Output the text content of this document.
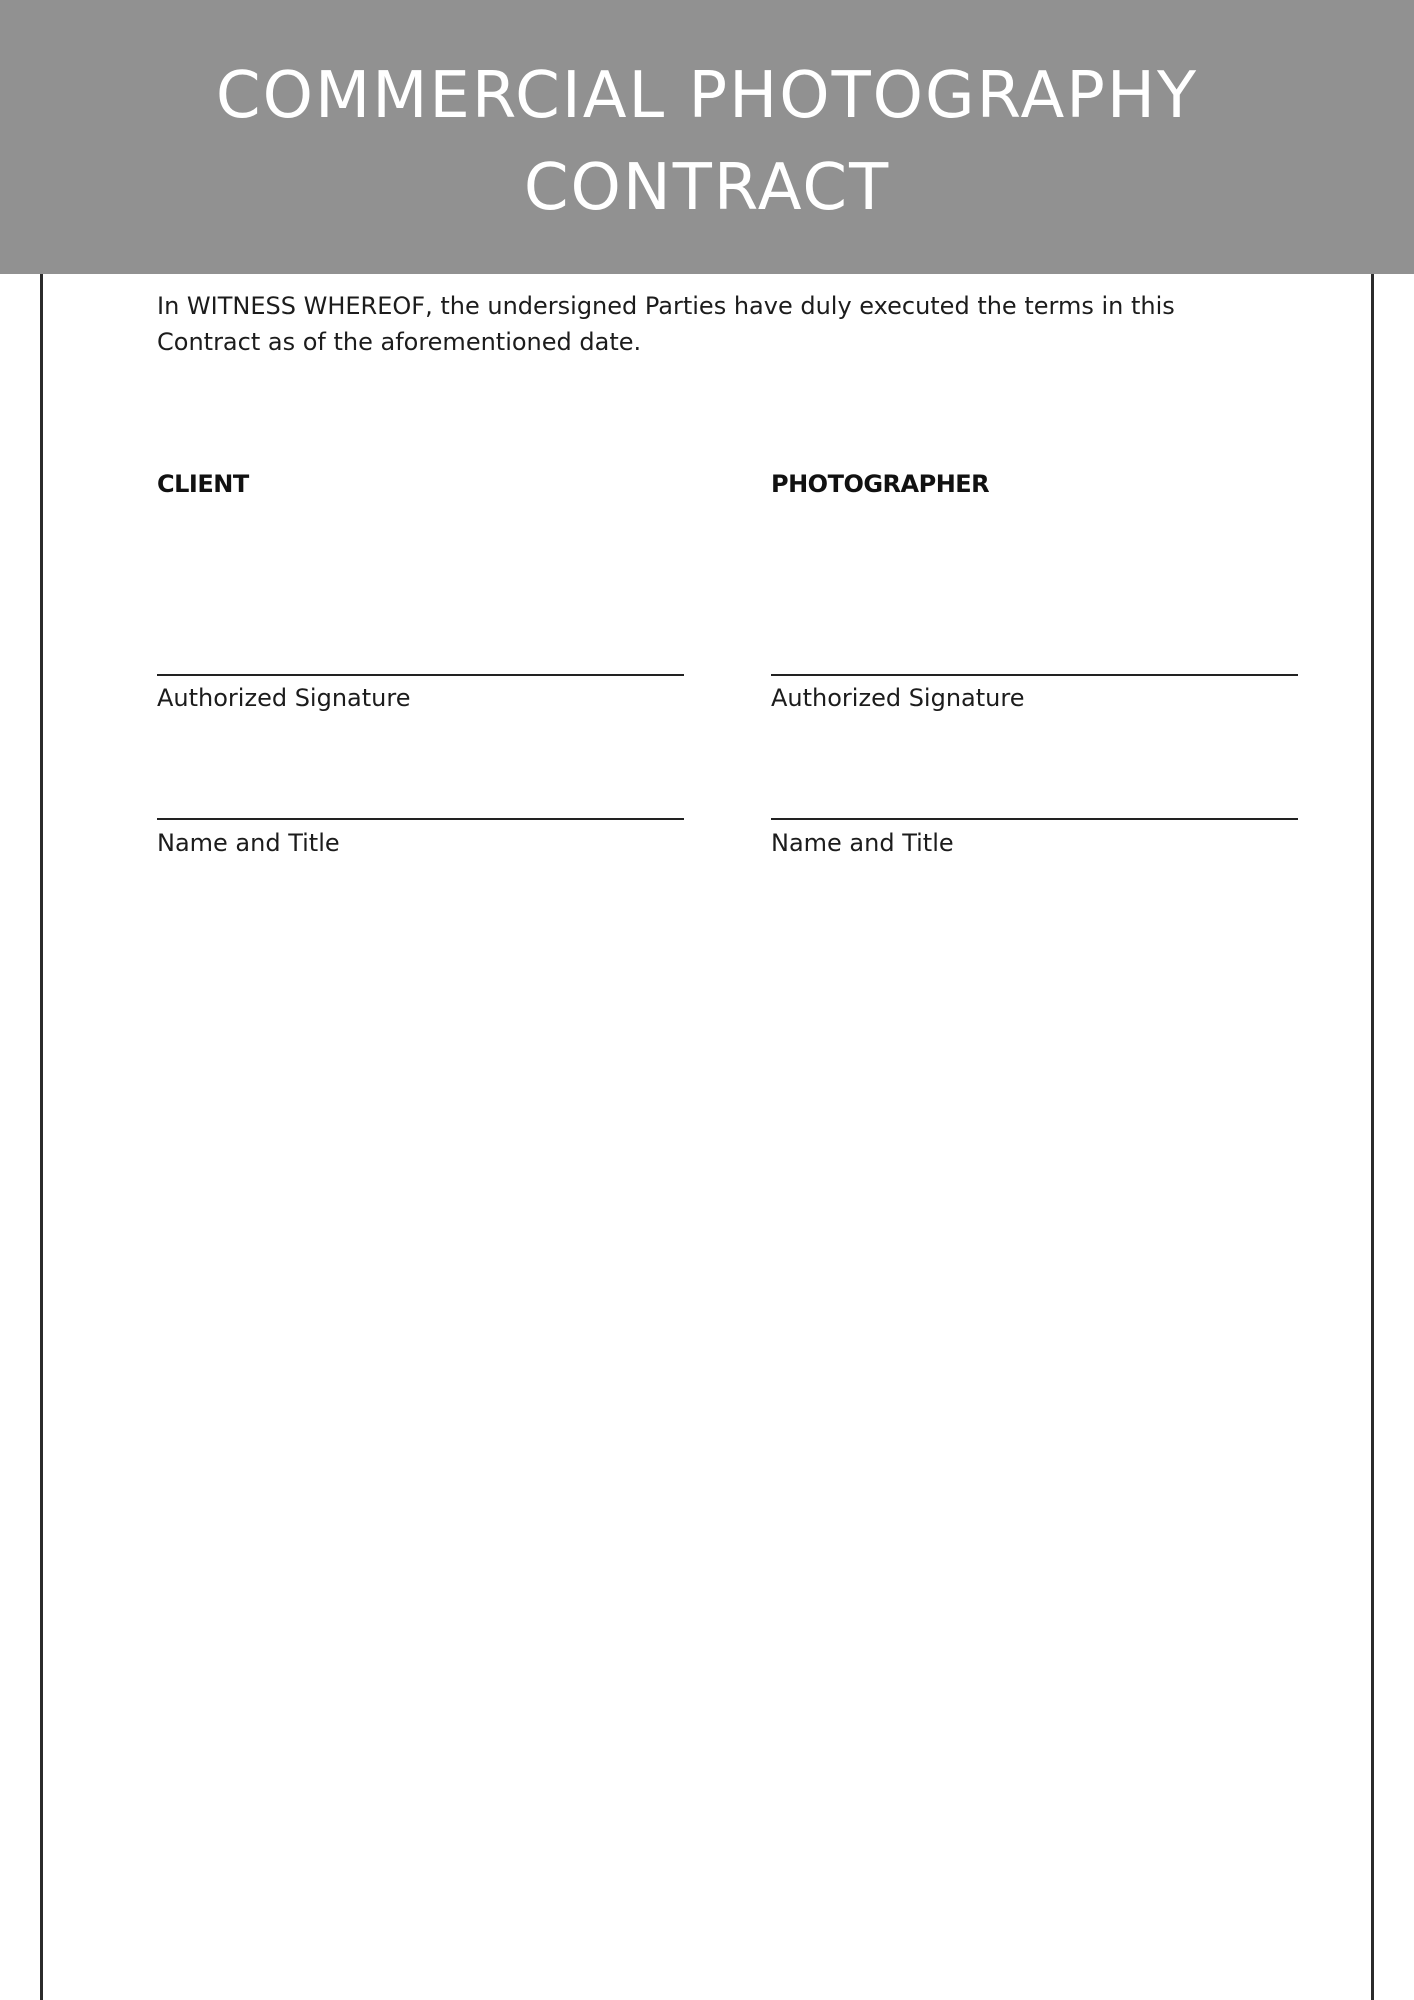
COMMERCIAL PHOTOGRAPHY
CONTRACT
In WITNESS WHEREOF, the undersigned Parties have duly executed the terms in this
Contract as of the aforementioned date.
CLIENT
Authorized Signature
Name and Title
PHOTOGRAPHER
Authorized Signature
Name and Title
